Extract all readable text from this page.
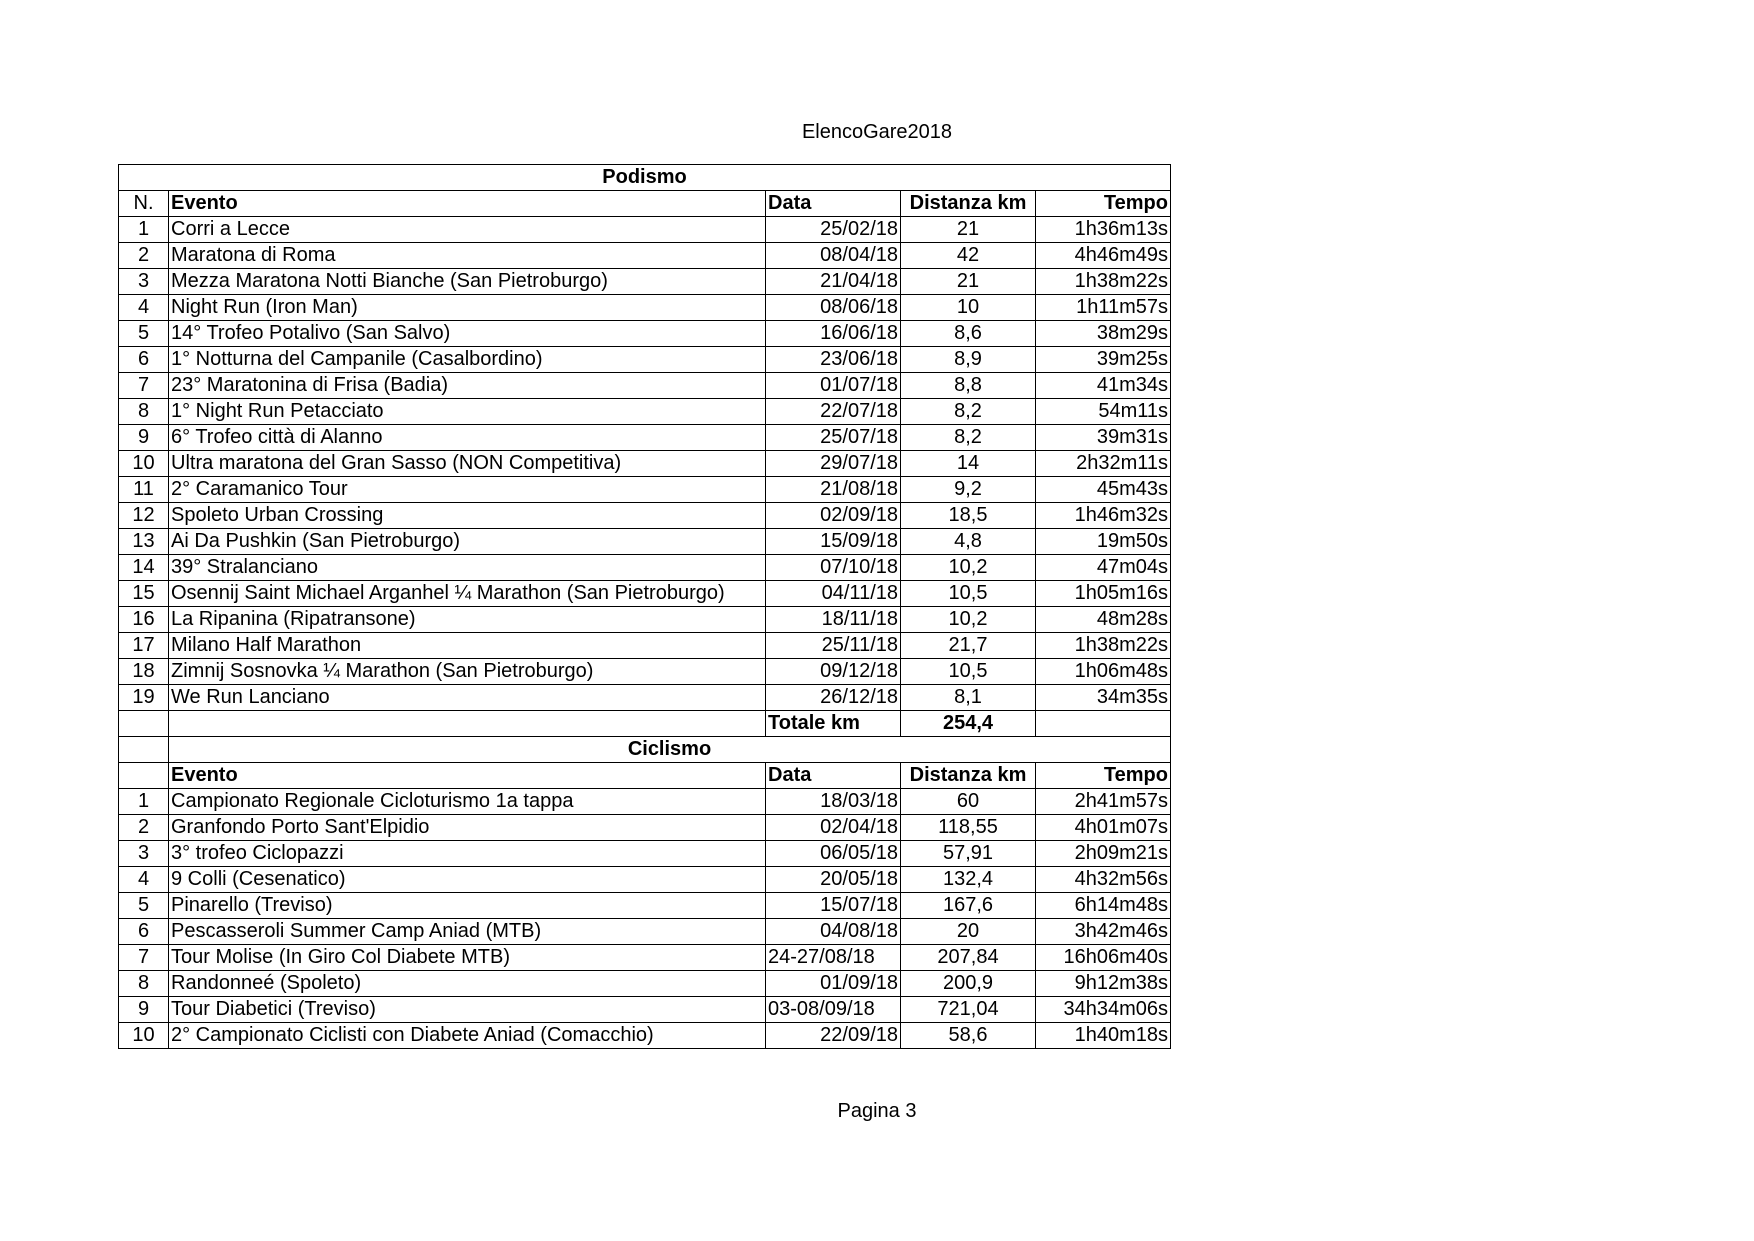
ElencoGare2018
Podismo				
N.	Evento	Data	Distanza km	Tempo
1	Corri a Lecce	25/02/18	21	1h36m13s
2	Maratona di Roma	08/04/18	42	4h46m49s
3	Mezza Maratona Notti Bianche (San Pietroburgo)	21/04/18	21	1h38m22s
4	Night Run (Iron Man)	08/06/18	10	1h11m57s
5	14° Trofeo Potalivo (San Salvo)	16/06/18	8,6	38m29s
6	1° Notturna del Campanile (Casalbordino)	23/06/18	8,9	39m25s
7	23° Maratonina di Frisa (Badia)	01/07/18	8,8	41m34s
8	1° Night Run Petacciato	22/07/18	8,2	54m11s
9	6° Trofeo città di Alanno	25/07/18	8,2	39m31s
10	Ultra maratona del Gran Sasso (NON Competitiva)	29/07/18	14	2h32m11s
11	2° Caramanico Tour	21/08/18	9,2	45m43s
12	Spoleto Urban Crossing	02/09/18	18,5	1h46m32s
13	Ai Da Pushkin (San Pietroburgo)	15/09/18	4,8	19m50s
14	39° Stralanciano	07/10/18	10,2	47m04s
15	Osennij Saint Michael Arganhel ¼ Marathon (San Pietroburgo)	04/11/18	10,5	1h05m16s
16	La Ripanina (Ripatransone)	18/11/18	10,2	48m28s
17	Milano Half Marathon	25/11/18	21,7	1h38m22s
18	Zimnij Sosnovka ¼ Marathon (San Pietroburgo)	09/12/18	10,5	1h06m48s
19	We Run Lanciano	26/12/18	8,1	34m35s
		Totale km	254,4	
	Ciclismo			
	Evento	Data	Distanza km	Tempo
1	Campionato Regionale Cicloturismo 1a tappa	18/03/18	60	2h41m57s
2	Granfondo Porto Sant'Elpidio	02/04/18	118,55	4h01m07s
3	3° trofeo Ciclopazzi	06/05/18	57,91	2h09m21s
4	9 Colli (Cesenatico)	20/05/18	132,4	4h32m56s
5	Pinarello (Treviso)	15/07/18	167,6	6h14m48s
6	Pescasseroli Summer Camp Aniad (MTB)	04/08/18	20	3h42m46s
7	Tour Molise (In Giro Col Diabete MTB)	24-27/08/18	207,84	16h06m40s
8	Randonneé (Spoleto)	01/09/18	200,9	9h12m38s
9	Tour Diabetici (Treviso)	03-08/09/18	721,04	34h34m06s
10	2° Campionato Ciclisti con Diabete Aniad (Comacchio)	22/09/18	58,6	1h40m18s
Pagina 3
